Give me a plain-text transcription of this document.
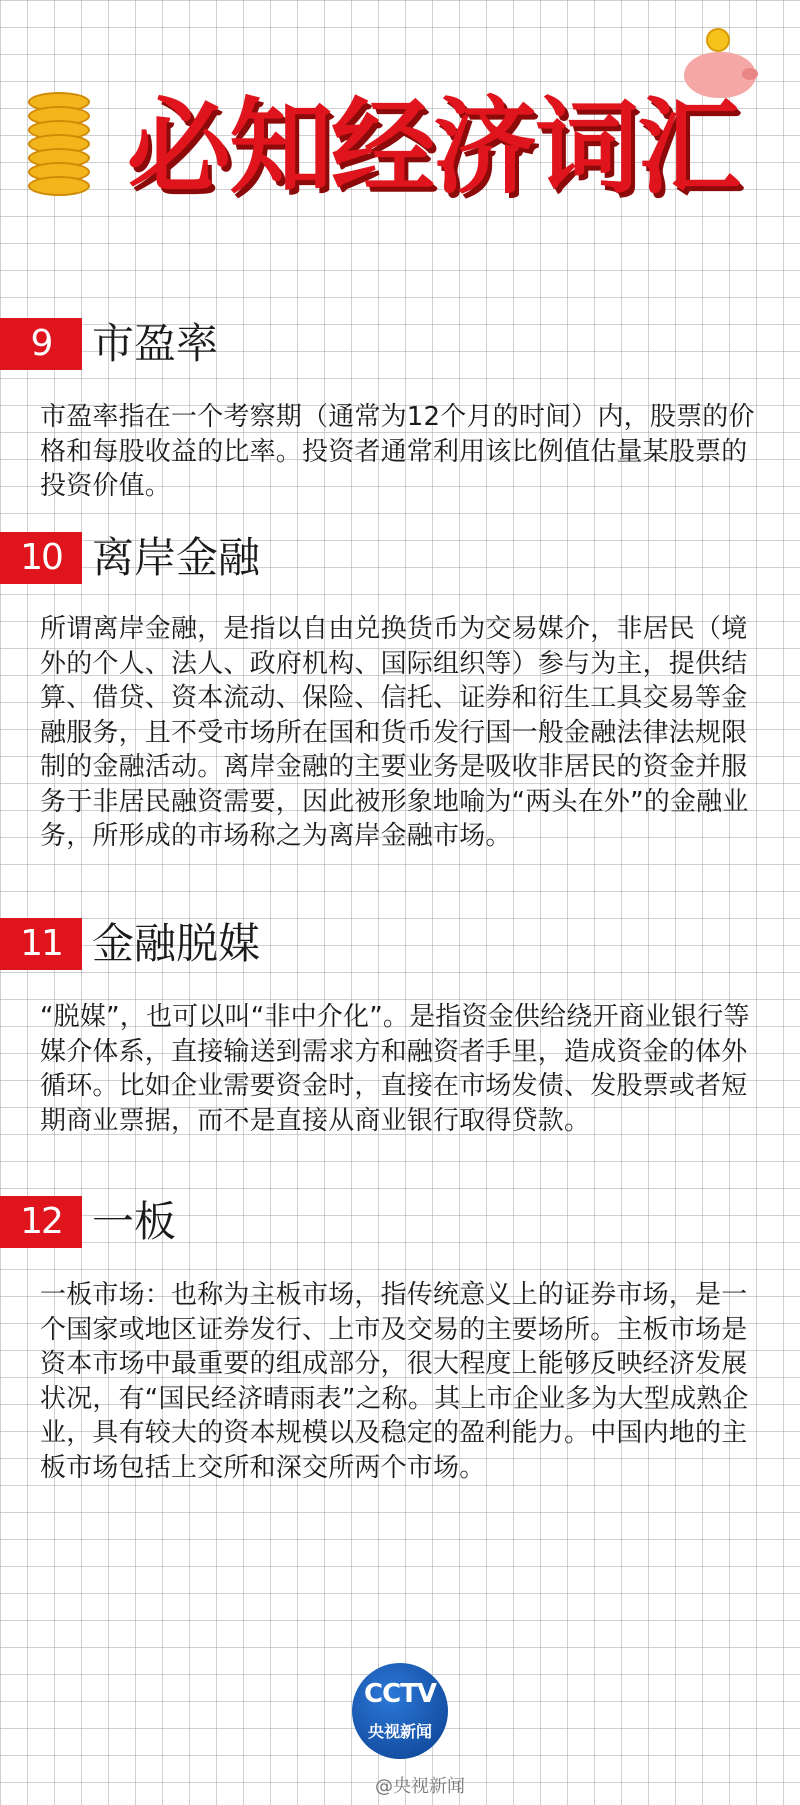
必知经济词汇
9 市盈率

市盈率指在一个考察期（通常为12个月的时间）内，股票的价格和每股收益的比率。投资者通常利用该比例值估量某股票的投资价值。

10 离岸金融

所谓离岸金融，是指以自由兑换货币为交易媒介，非居民（境外的个人、法人、政府机构、国际组织等）参与为主，提供结算、借贷、资本流动、保险、信托、证券和衍生工具交易等金融服务，且不受市场所在国和货币发行国一般金融法律法规限制的金融活动。离岸金融的主要业务是吸收非居民的资金并服务于非居民融资需要，因此被形象地喻为“两头在外”的金融业务，所形成的市场称之为离岸金融市场。

11 金融脱媒

“脱媒”，也可以叫“非中介化”。是指资金供给绕开商业银行等媒介体系，直接输送到需求方和融资者手里，造成资金的体外循环。比如企业需要资金时，直接在市场发债、发股票或者短期商业票据，而不是直接从商业银行取得贷款。

12 一板

一板市场：也称为主板市场，指传统意义上的证券市场，是一个国家或地区证券发行、上市及交易的主要场所。主板市场是资本市场中最重要的组成部分，很大程度上能够反映经济发展状况，有“国民经济晴雨表”之称。其上市企业多为大型成熟企业，具有较大的资本规模以及稳定的盈利能力。中国内地的主板市场包括上交所和深交所两个市场。

CCTV
央视新闻
@央视新闻
